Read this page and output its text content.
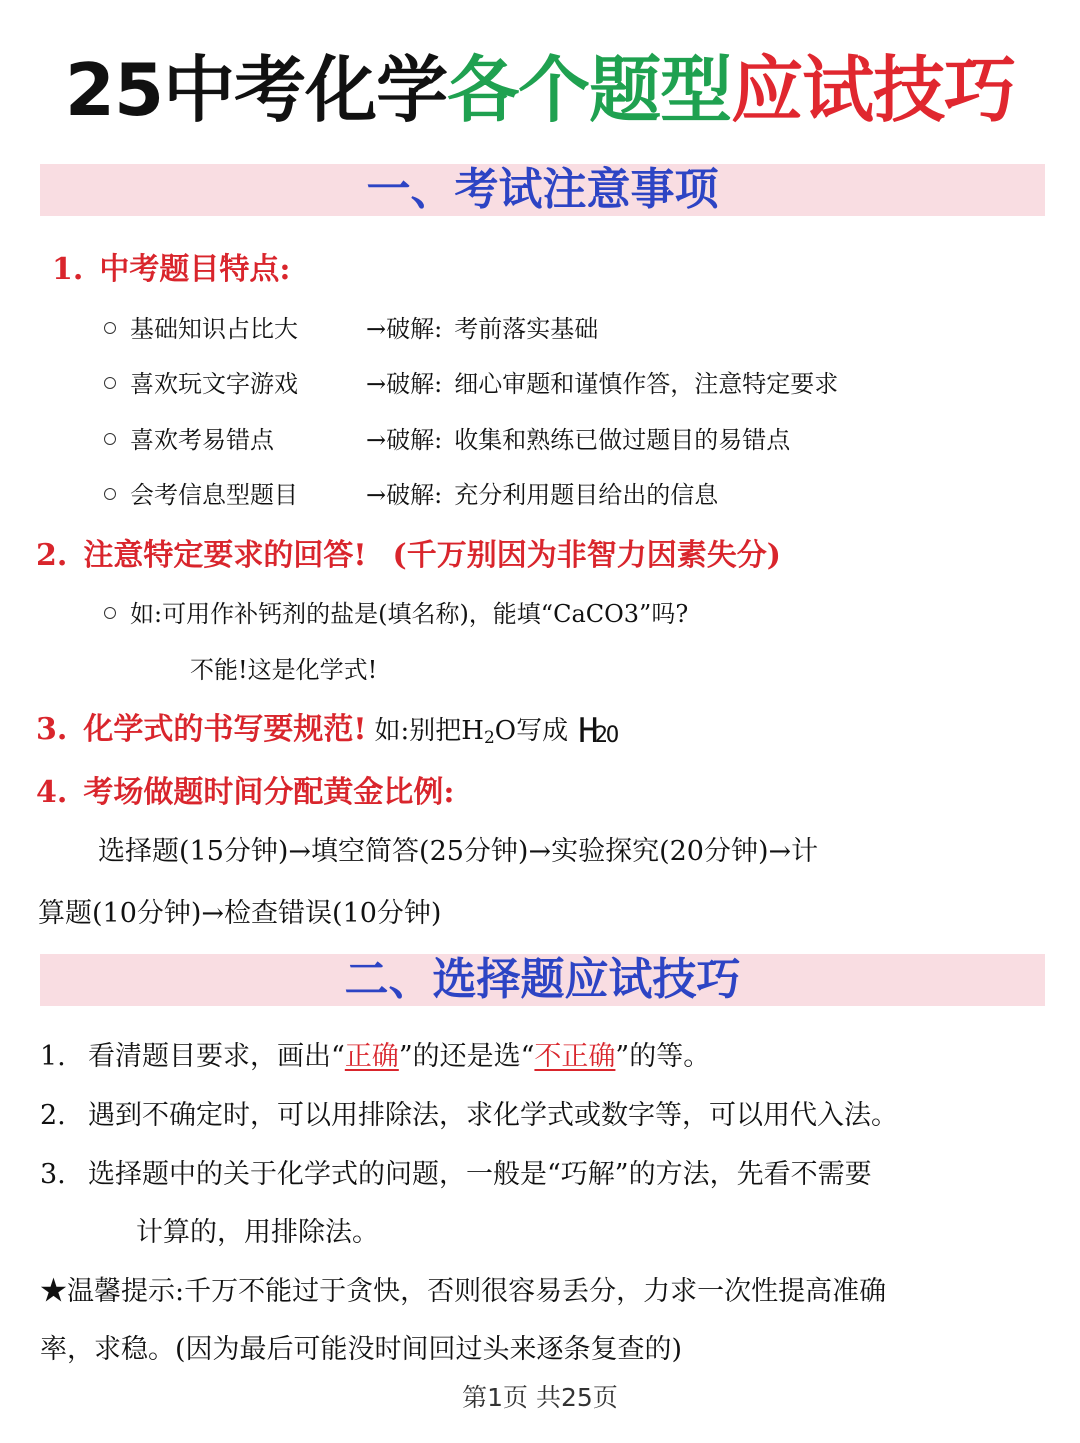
25中考化学各个题型应试技巧
一、考试注意事项
1. 中考题目特点:
基础知识占比大	→破解: 考前落实基础
喜欢玩文字游戏	→破解: 细心审题和谨慎作答，注意特定要求
喜欢考易错点	→破解: 收集和熟练已做过题目的易错点
会考信息型题目	→破解: 充分利用题目给出的信息
2. 注意特定要求的回答! (千万别因为非智力因素失分)
如:可用作补钙剂的盐是(填名称)，能填“CaCO3”吗?
不能!这是化学式!
3. 化学式的书写要规范! 如:别把$H_2O$写成 H2O
4. 考场做题时间分配黄金比例:
选择题(15分钟)→填空简答(25分钟)→实验探究(20分钟)→计
算题(10分钟)→检查错误(10分钟)
二、选择题应试技巧
1. 看清题目要求，画出“正确”的还是选“不正确”的等。
2. 遇到不确定时，可以用排除法，求化学式或数字等，可以用代入法。
3. 选择题中的关于化学式的问题，一般是“巧解”的方法，先看不需要
计算的，用排除法。
★温馨提示:千万不能过于贪快，否则很容易丢分，力求一次性提高准确
率，求稳。(因为最后可能没时间回过头来逐条复查的)
第1页 共25页
